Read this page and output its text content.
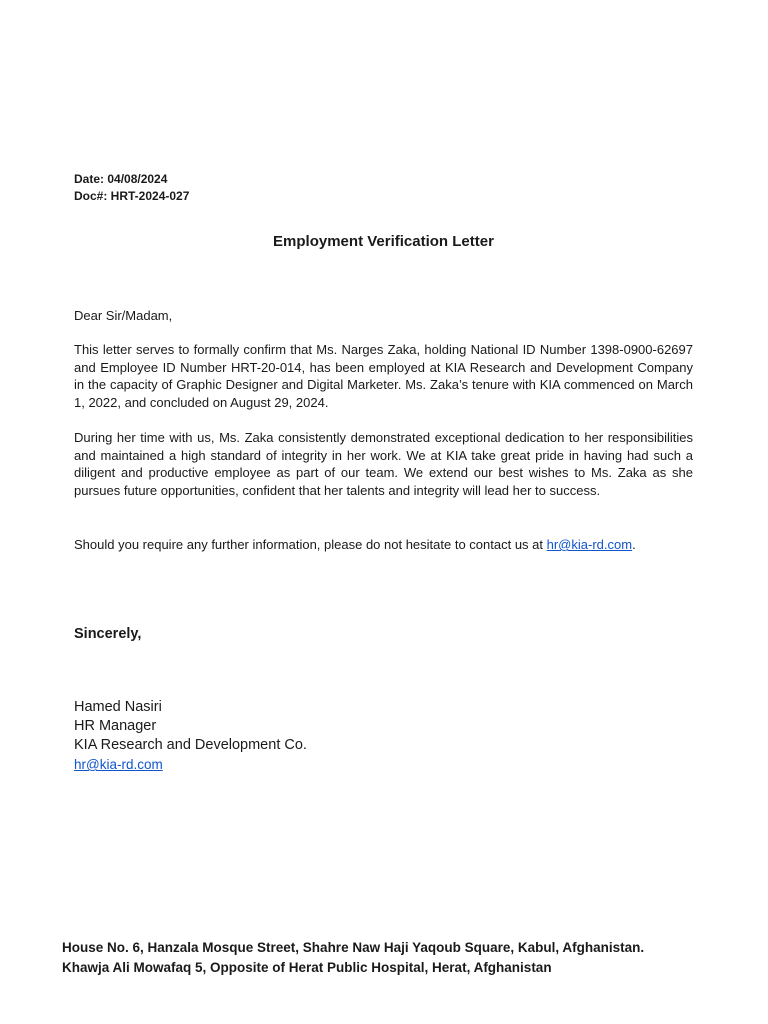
Date: 04/08/2024
Doc#: HRT-2024-027
Employment Verification Letter
Dear Sir/Madam,
This letter serves to formally confirm that Ms. Narges Zaka, holding National ID Number 1398-0900-62697 and Employee ID Number HRT-20-014, has been employed at KIA Research and Development Company in the capacity of Graphic Designer and Digital Marketer. Ms. Zaka’s tenure with KIA commenced on March 1, 2022, and concluded on August 29, 2024.
During her time with us, Ms. Zaka consistently demonstrated exceptional dedication to her responsibilities and maintained a high standard of integrity in her work. We at KIA take great pride in having had such a diligent and productive employee as part of our team. We extend our best wishes to Ms. Zaka as she pursues future opportunities, confident that her talents and integrity will lead her to success.
Should you require any further information, please do not hesitate to contact us at hr@kia-rd.com.
Sincerely,
Hamed Nasiri
HR Manager
KIA Research and Development Co.
hr@kia-rd.com
House No. 6, Hanzala Mosque Street, Shahre Naw Haji Yaqoub Square, Kabul, Afghanistan.
Khawja Ali Mowafaq 5, Opposite of Herat Public Hospital, Herat, Afghanistan
